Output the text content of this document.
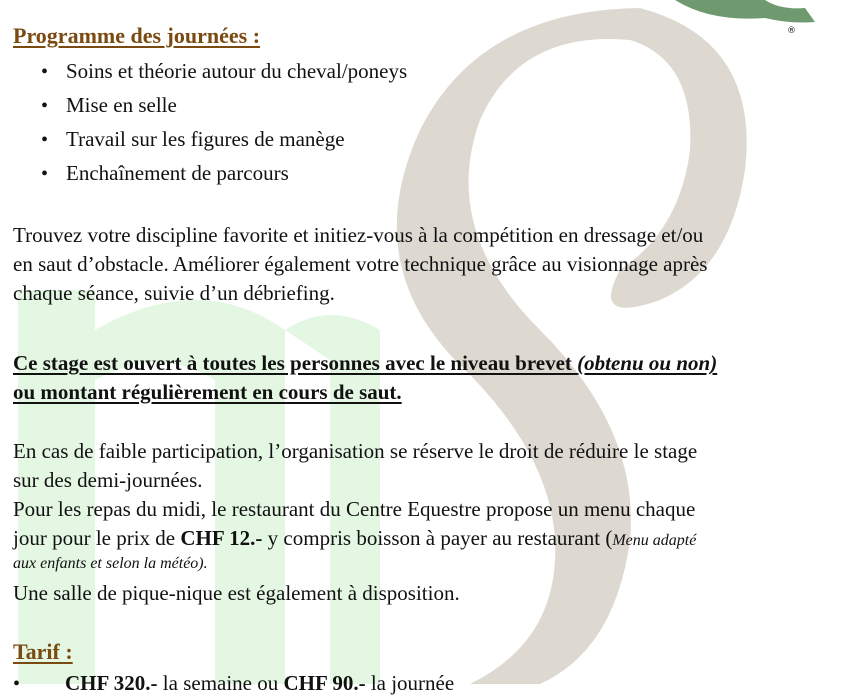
®
Programme des journées :
• Soins et théorie autour du cheval/poneys
• Mise en selle
• Travail sur les figures de manège
• Enchaînement de parcours
Trouvez votre discipline favorite et initiez-vous à la compétition en dressage et/ou
en saut d’obstacle. Améliorer également votre technique grâce au visionnage après
chaque séance, suivie d’un débriefing.
Ce stage est ouvert à toutes les personnes avec le niveau brevet (obtenu ou non)
ou montant régulièrement en cours de saut.
En cas de faible participation, l’organisation se réserve le droit de réduire le stage
sur des demi-journées.
Pour les repas du midi, le restaurant du Centre Equestre propose un menu chaque
jour pour le prix de CHF 12.- y compris boisson à payer au restaurant (Menu adapté
aux enfants et selon la météo).
Une salle de pique-nique est également à disposition.
Tarif :
• CHF 320.- la semaine ou CHF 90.- la journée
